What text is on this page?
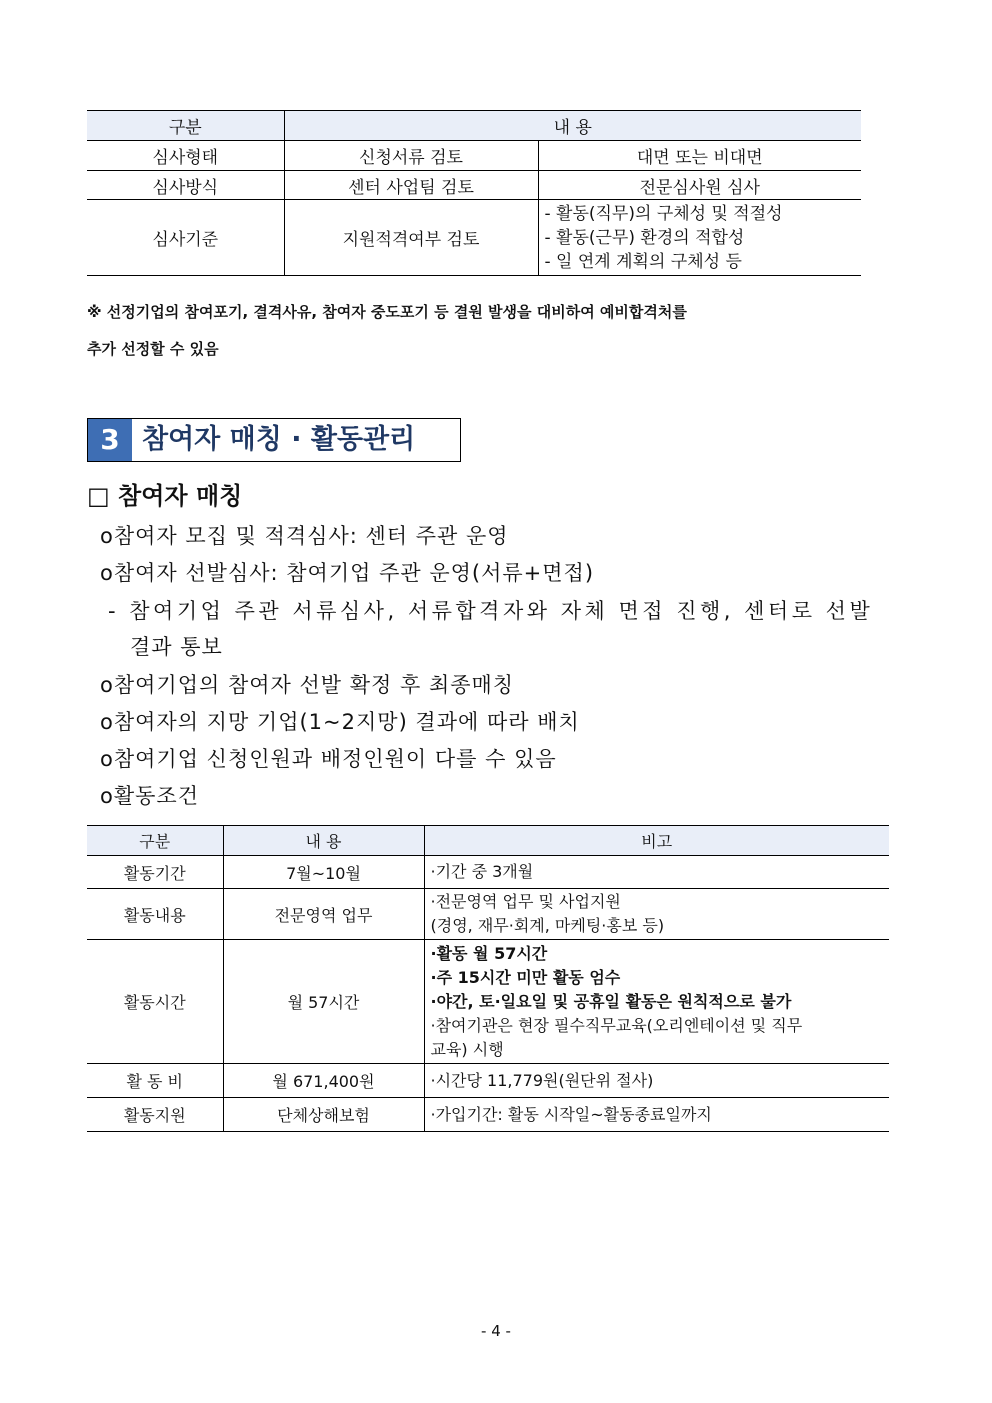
구분	내 용	
심사형태	신청서류 검토	대면 또는 비대면
심사방식	센터 사업팀 검토	전문심사원 심사
심사기준	지원적격여부 검토	- 활동(직무)의 구체성 및 적절성
- 활동(근무) 환경의 적합성
- 일 연계 계획의 구체성 등
※ 선정기업의 참여포기, 결격사유, 참여자 중도포기 등 결원 발생을 대비하여 예비합격처를
추가 선정할 수 있음
3 참여자 매칭 · 활동관리
□ 참여자 매칭
o참여자 모집 및 적격심사: 센터 주관 운영
o참여자 선발심사: 참여기업 주관 운영(서류+면접)
- 참여기업 주관 서류심사, 서류합격자와 자체 면접 진행, 센터로 선발
결과 통보
o참여기업의 참여자 선발 확정 후 최종매칭
o참여자의 지망 기업(1~2지망) 결과에 따라 배치
o참여기업 신청인원과 배정인원이 다를 수 있음
o활동조건
구분	내 용	비고
활동기간	7월~10월	·기간 중 3개월

활동내용	전문영역 업무	·전문영역 업무 및 사업지원
(경영, 재무·회계, 마케팅·홍보 등)

활동시간	월 57시간	·활동 월 57시간
·주 15시간 미만 활동 엄수
·야간, 토·일요일 및 공휴일 활동은 원칙적으로 불가
·참여기관은 현장 필수직무교육(오리엔테이션 및 직무
교육) 시행

활 동 비	월 671,400원	·시간당 11,779원(원단위 절사)

활동지원	단체상해보험	·가입기간: 활동 시작일~활동종료일까지
- 4 -
